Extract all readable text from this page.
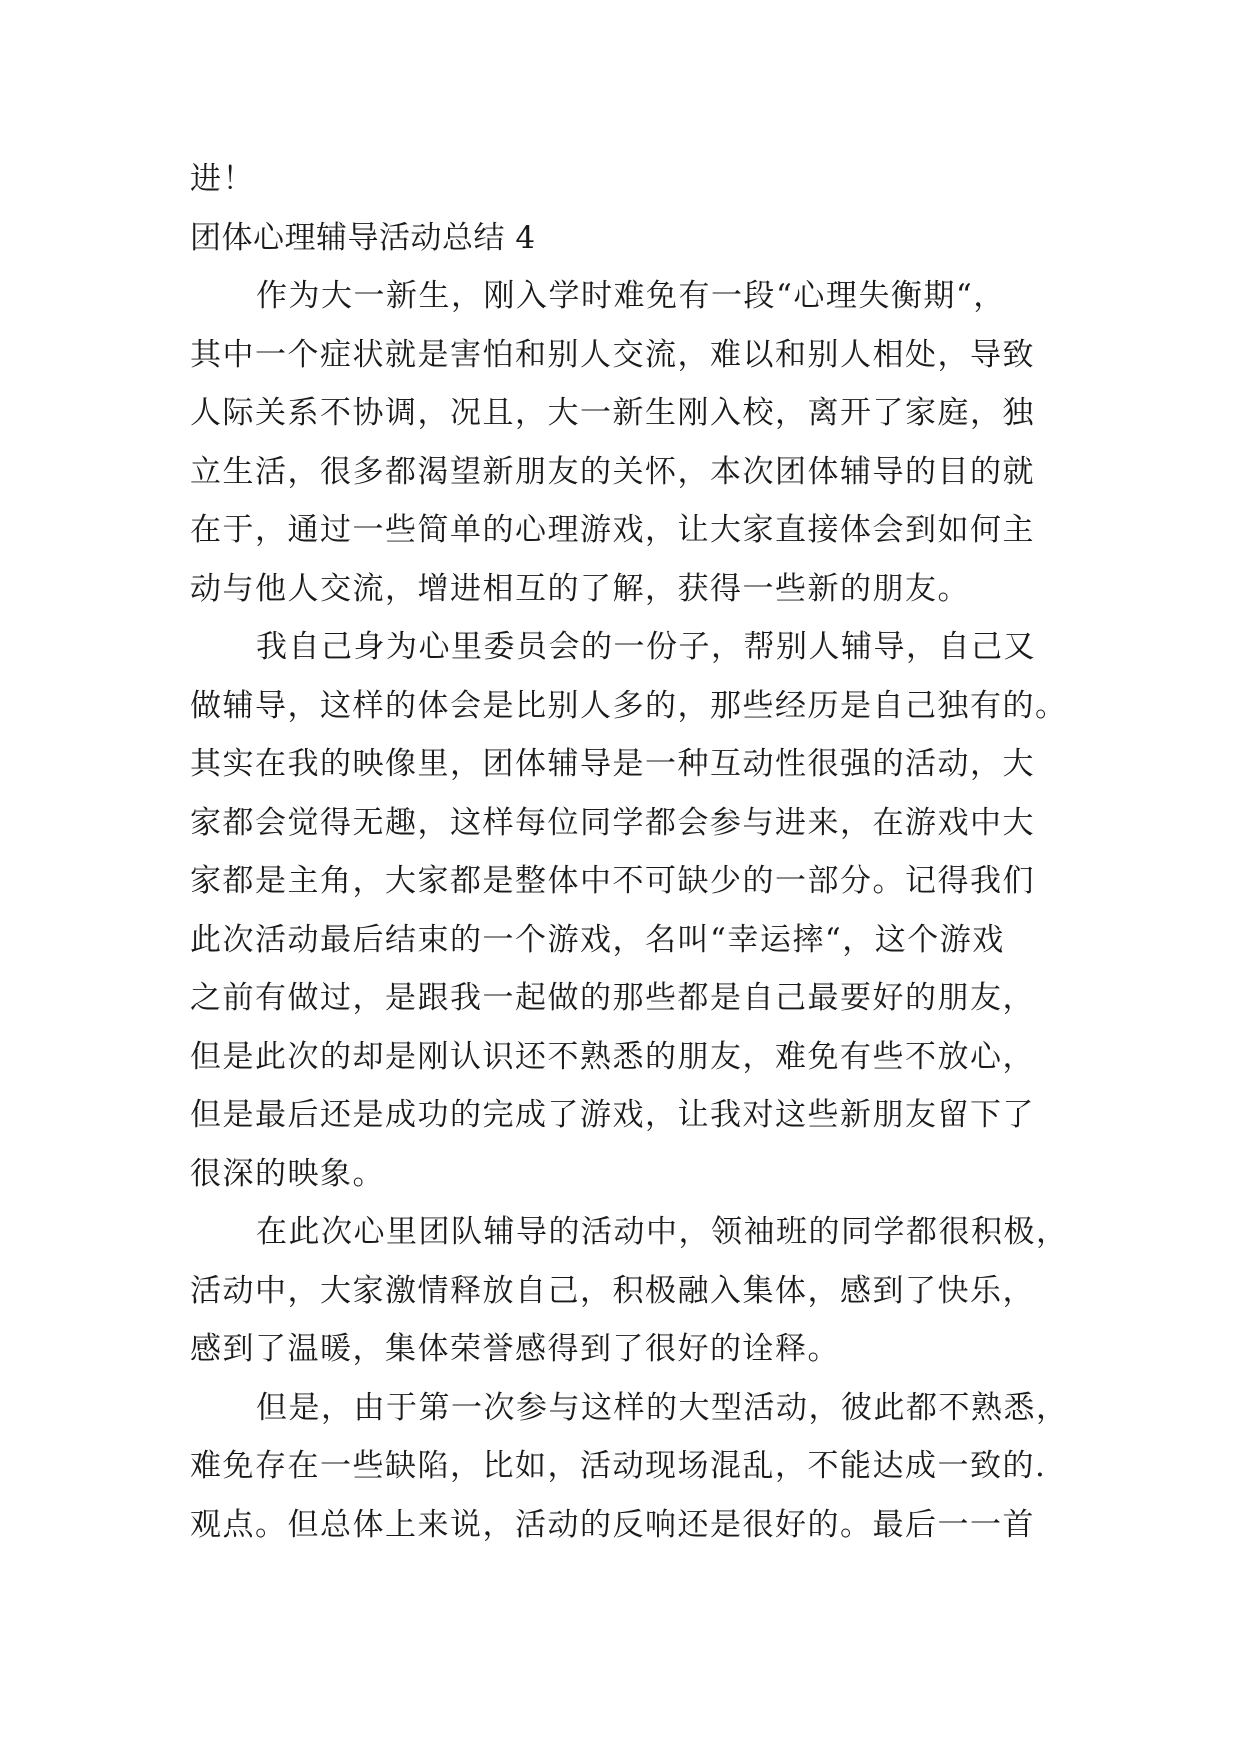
进！
团体心理辅导活动总结 4
作为大一新生，刚入学时难免有一段“心理失衡期“，
其中一个症状就是害怕和别人交流，难以和别人相处，导致
人际关系不协调，况且，大一新生刚入校，离开了家庭，独
立生活，很多都渴望新朋友的关怀，本次团体辅导的目的就
在于，通过一些简单的心理游戏，让大家直接体会到如何主
动与他人交流，增进相互的了解，获得一些新的朋友。
我自己身为心里委员会的一份子，帮别人辅导，自己又
做辅导，这样的体会是比别人多的，那些经历是自己独有的。
其实在我的映像里，团体辅导是一种互动性很强的活动，大
家都会觉得无趣，这样每位同学都会参与进来，在游戏中大
家都是主角，大家都是整体中不可缺少的一部分。记得我们
此次活动最后结束的一个游戏，名叫“幸运摔“，这个游戏
之前有做过，是跟我一起做的那些都是自己最要好的朋友，
但是此次的却是刚认识还不熟悉的朋友，难免有些不放心，
但是最后还是成功的完成了游戏，让我对这些新朋友留下了
很深的映象。
在此次心里团队辅导的活动中，领袖班的同学都很积极，
活动中，大家激情释放自己，积极融入集体，感到了快乐，
感到了温暖，集体荣誉感得到了很好的诠释。
但是，由于第一次参与这样的大型活动，彼此都不熟悉，
难免存在一些缺陷，比如，活动现场混乱，不能达成一致的.
观点。但总体上来说，活动的反响还是很好的。最后一一首
